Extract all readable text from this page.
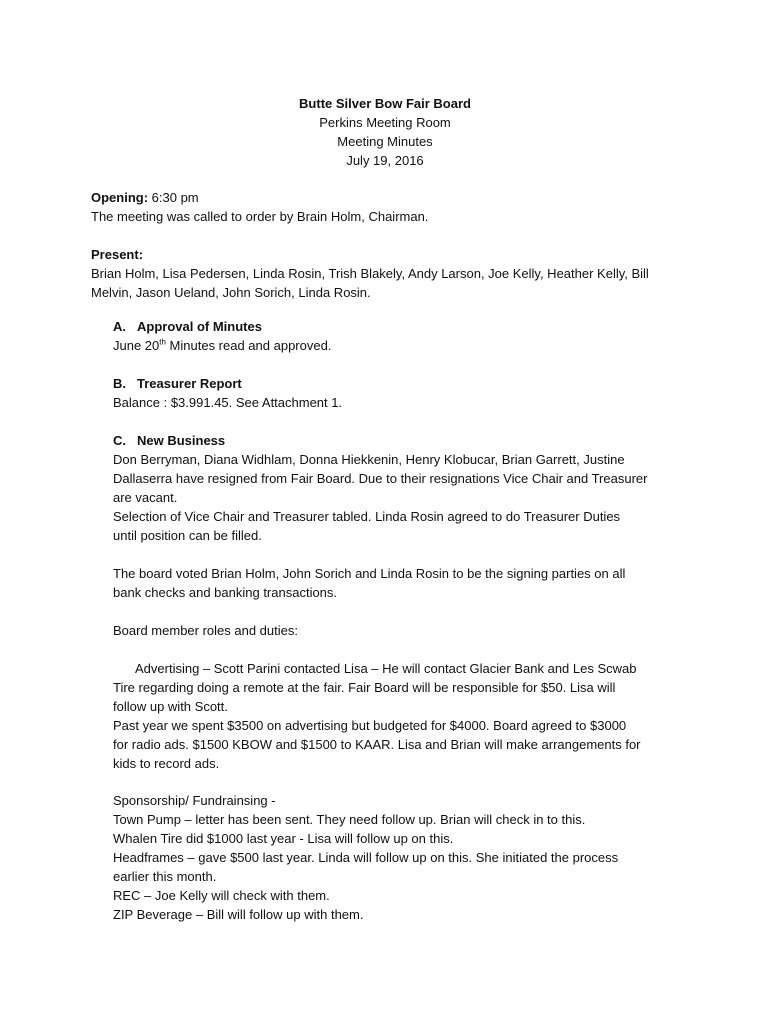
Butte Silver Bow Fair Board
Perkins Meeting Room
Meeting Minutes
July 19, 2016
Opening: 6:30 pm
The meeting was called to order by Brain Holm, Chairman.
Present:
Brian Holm, Lisa Pedersen, Linda Rosin, Trish Blakely, Andy Larson, Joe Kelly, Heather Kelly, Bill
Melvin, Jason Ueland, John Sorich, Linda Rosin.
A. Approval of Minutes
June 20th Minutes read and approved.
B. Treasurer Report
Balance : $3.991.45. See Attachment 1.
C. New Business
Don Berryman, Diana Widhlam, Donna Hiekkenin, Henry Klobucar, Brian Garrett, Justine
Dallaserra have resigned from Fair Board. Due to their resignations Vice Chair and Treasurer
are vacant.
Selection of Vice Chair and Treasurer tabled. Linda Rosin agreed to do Treasurer Duties
until position can be filled.
The board voted Brian Holm, John Sorich and Linda Rosin to be the signing parties on all
bank checks and banking transactions.
Board member roles and duties:
Advertising – Scott Parini contacted Lisa – He will contact Glacier Bank and Les Scwab
Tire regarding doing a remote at the fair. Fair Board will be responsible for $50. Lisa will
follow up with Scott.
Past year we spent $3500 on advertising but budgeted for $4000. Board agreed to $3000
for radio ads. $1500 KBOW and $1500 to KAAR. Lisa and Brian will make arrangements for
kids to record ads.
Sponsorship/ Fundrainsing -
Town Pump – letter has been sent. They need follow up. Brian will check in to this.
Whalen Tire did $1000 last year - Lisa will follow up on this.
Headframes – gave $500 last year. Linda will follow up on this. She initiated the process
earlier this month.
REC – Joe Kelly will check with them.
ZIP Beverage – Bill will follow up with them.
